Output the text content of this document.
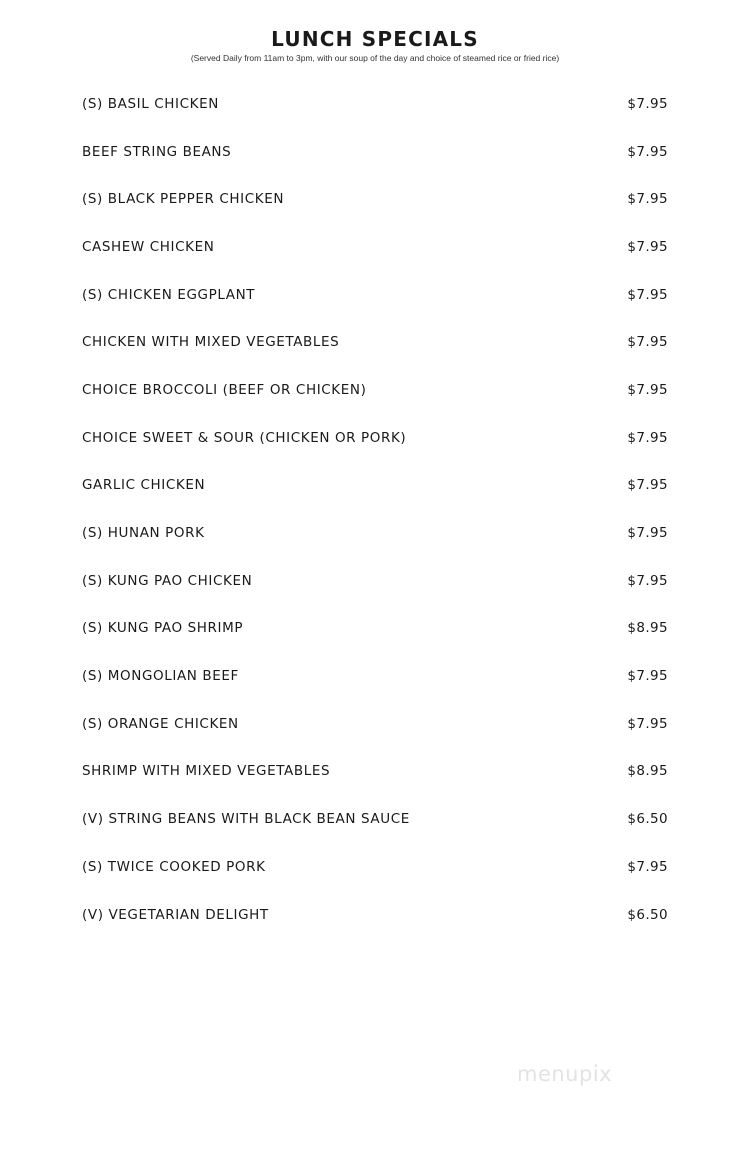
LUNCH SPECIALS
(Served Daily from 11am to 3pm, with our soup of the day and choice of steamed rice or fried rice)
(S) BASIL CHICKEN	$7.95
BEEF STRING BEANS	$7.95
(S) BLACK PEPPER CHICKEN	$7.95
CASHEW CHICKEN	$7.95
(S) CHICKEN EGGPLANT	$7.95
CHICKEN WITH MIXED VEGETABLES	$7.95
CHOICE BROCCOLI (BEEF OR CHICKEN)	$7.95
CHOICE SWEET & SOUR (CHICKEN OR PORK)	$7.95
GARLIC CHICKEN	$7.95
(S) HUNAN PORK	$7.95
(S) KUNG PAO CHICKEN	$7.95
(S) KUNG PAO SHRIMP	$8.95
(S) MONGOLIAN BEEF	$7.95
(S) ORANGE CHICKEN	$7.95
SHRIMP WITH MIXED VEGETABLES	$8.95
(V) STRING BEANS WITH BLACK BEAN SAUCE	$6.50
(S) TWICE COOKED PORK	$7.95
(V) VEGETARIAN DELIGHT	$6.50
menupix
